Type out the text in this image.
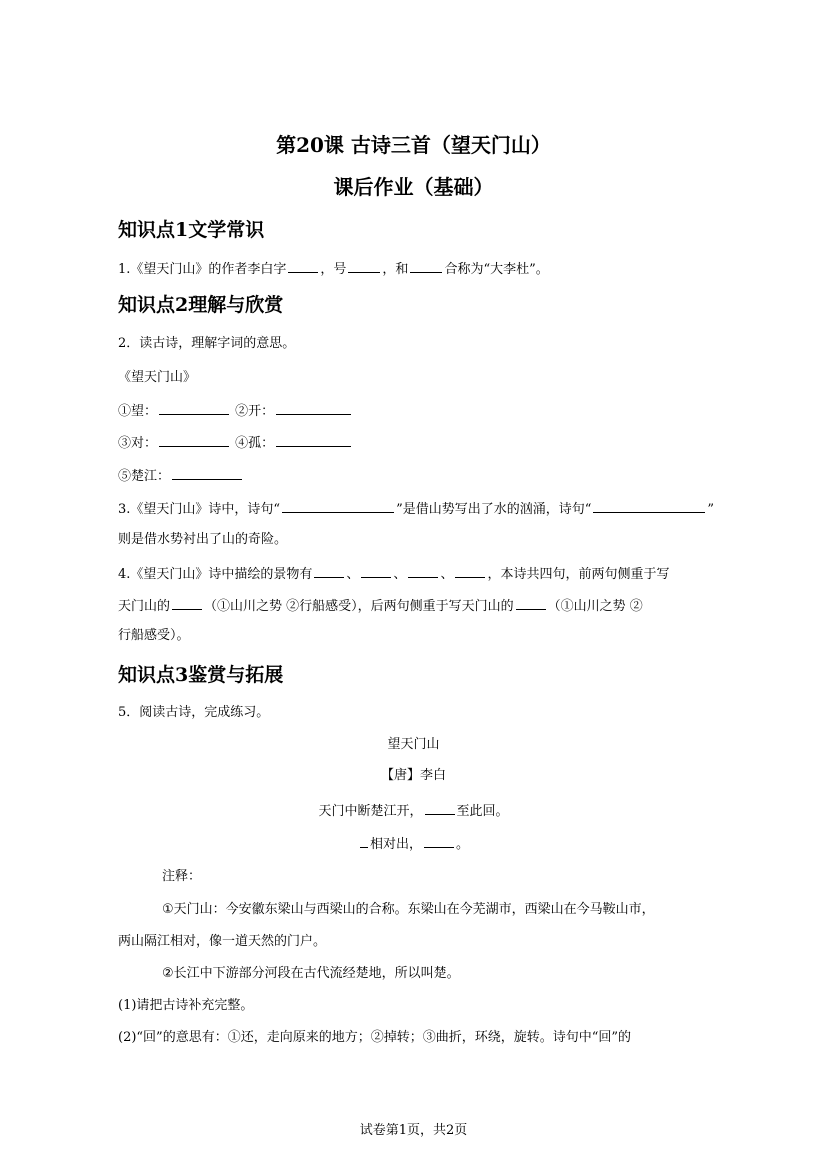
第20课 古诗三首（望天门山）
课后作业（基础）
知识点1文学常识
1.《望天门山》的作者李白字	，号	，和	合称为“大李杜”。
知识点2理解与欣赏
2．读古诗，理解字词的意思。
《望天门山》
①望：	②开：
③对：	④孤：
⑤楚江：
3.《望天门山》诗中，诗句“	”是借山势写出了水的汹涌，诗句“	”
则是借水势衬出了山的奇险。
4.《望天门山》诗中描绘的景物有	、	、	、	，本诗共四句，前两句侧重于写
天门山的	（①山川之势 ②行船感受），后两句侧重于写天门山的	（①山川之势 ②
行船感受）。
知识点3鉴赏与拓展
5．阅读古诗，完成练习。
望天门山
【唐】李白
天门中断楚江开，	至此回。
相对出，	。
注释：
①天门山：今安徽东梁山与西梁山的合称。东梁山在今芜湖市，西梁山在今马鞍山市，
两山隔江相对，像一道天然的门户。
②长江中下游部分河段在古代流经楚地，所以叫楚。
(1)请把古诗补充完整。
(2)“回”的意思有：①还，走向原来的地方；②掉转；③曲折，环绕，旋转。诗句中“回”的
试卷第1页，共2页
